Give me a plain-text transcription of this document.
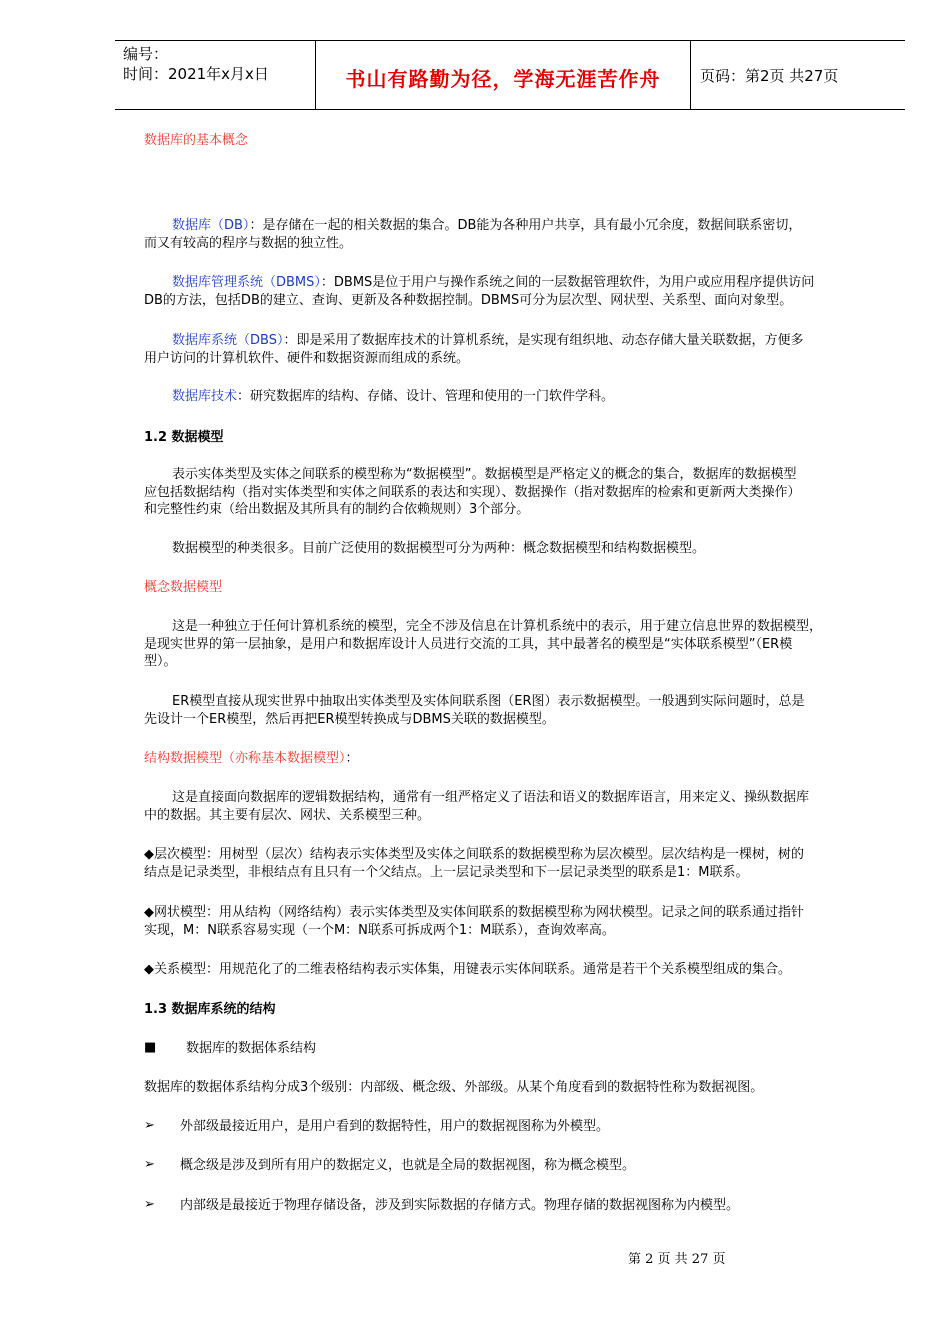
编号：
时间：2021年x月x日	书山有路勤为径，学海无涯苦作舟	页码：第2页 共27页
数据库的基本概念
数据库（DB）：是存储在一起的相关数据的集合。DB能为各种用户共享，具有最小冗余度，数据间联系密切，
而又有较高的程序与数据的独立性。
数据库管理系统（DBMS）：DBMS是位于用户与操作系统之间的一层数据管理软件，为用户或应用程序提供访问
DB的方法，包括DB的建立、查询、更新及各种数据控制。DBMS可分为层次型、网状型、关系型、面向对象型。
数据库系统（DBS）：即是采用了数据库技术的计算机系统，是实现有组织地、动态存储大量关联数据，方便多
用户访问的计算机软件、硬件和数据资源而组成的系统。
数据库技术：研究数据库的结构、存储、设计、管理和使用的一门软件学科。
1.2 数据模型
表示实体类型及实体之间联系的模型称为“数据模型”。数据模型是严格定义的概念的集合，数据库的数据模型
应包括数据结构（指对实体类型和实体之间联系的表达和实现）、数据操作（指对数据库的检索和更新两大类操作）
和完整性约束（给出数据及其所具有的制约合依赖规则）3个部分。
数据模型的种类很多。目前广泛使用的数据模型可分为两种：概念数据模型和结构数据模型。
概念数据模型
这是一种独立于任何计算机系统的模型，完全不涉及信息在计算机系统中的表示，用于建立信息世界的数据模型，
是现实世界的第一层抽象，是用户和数据库设计人员进行交流的工具，其中最著名的模型是“实体联系模型”（ER模
型）。
ER模型直接从现实世界中抽取出实体类型及实体间联系图（ER图）表示数据模型。一般遇到实际问题时，总是
先设计一个ER模型，然后再把ER模型转换成与DBMS关联的数据模型。
结构数据模型（亦称基本数据模型）：
这是直接面向数据库的逻辑数据结构，通常有一组严格定义了语法和语义的数据库语言，用来定义、操纵数据库
中的数据。其主要有层次、网状、关系模型三种。
◆层次模型：用树型（层次）结构表示实体类型及实体之间联系的数据模型称为层次模型。层次结构是一棵树，树的
结点是记录类型，非根结点有且只有一个父结点。上一层记录类型和下一层记录类型的联系是1：M联系。
◆网状模型：用从结构（网络结构）表示实体类型及实体间联系的数据模型称为网状模型。记录之间的联系通过指针
实现，M：N联系容易实现（一个M：N联系可拆成两个1：M联系），查询效率高。
◆关系模型：用规范化了的二维表格结构表示实体集，用键表示实体间联系。通常是若干个关系模型组成的集合。
1.3 数据库系统的结构
■ 数据库的数据体系结构
数据库的数据体系结构分成3个级别：内部级、概念级、外部级。从某个角度看到的数据特性称为数据视图。
➢ 外部级最接近用户，是用户看到的数据特性，用户的数据视图称为外模型。
➢ 概念级是涉及到所有用户的数据定义，也就是全局的数据视图，称为概念模型。
➢ 内部级是最接近于物理存储设备，涉及到实际数据的存储方式。物理存储的数据视图称为内模型。
第 2 页 共 27 页
